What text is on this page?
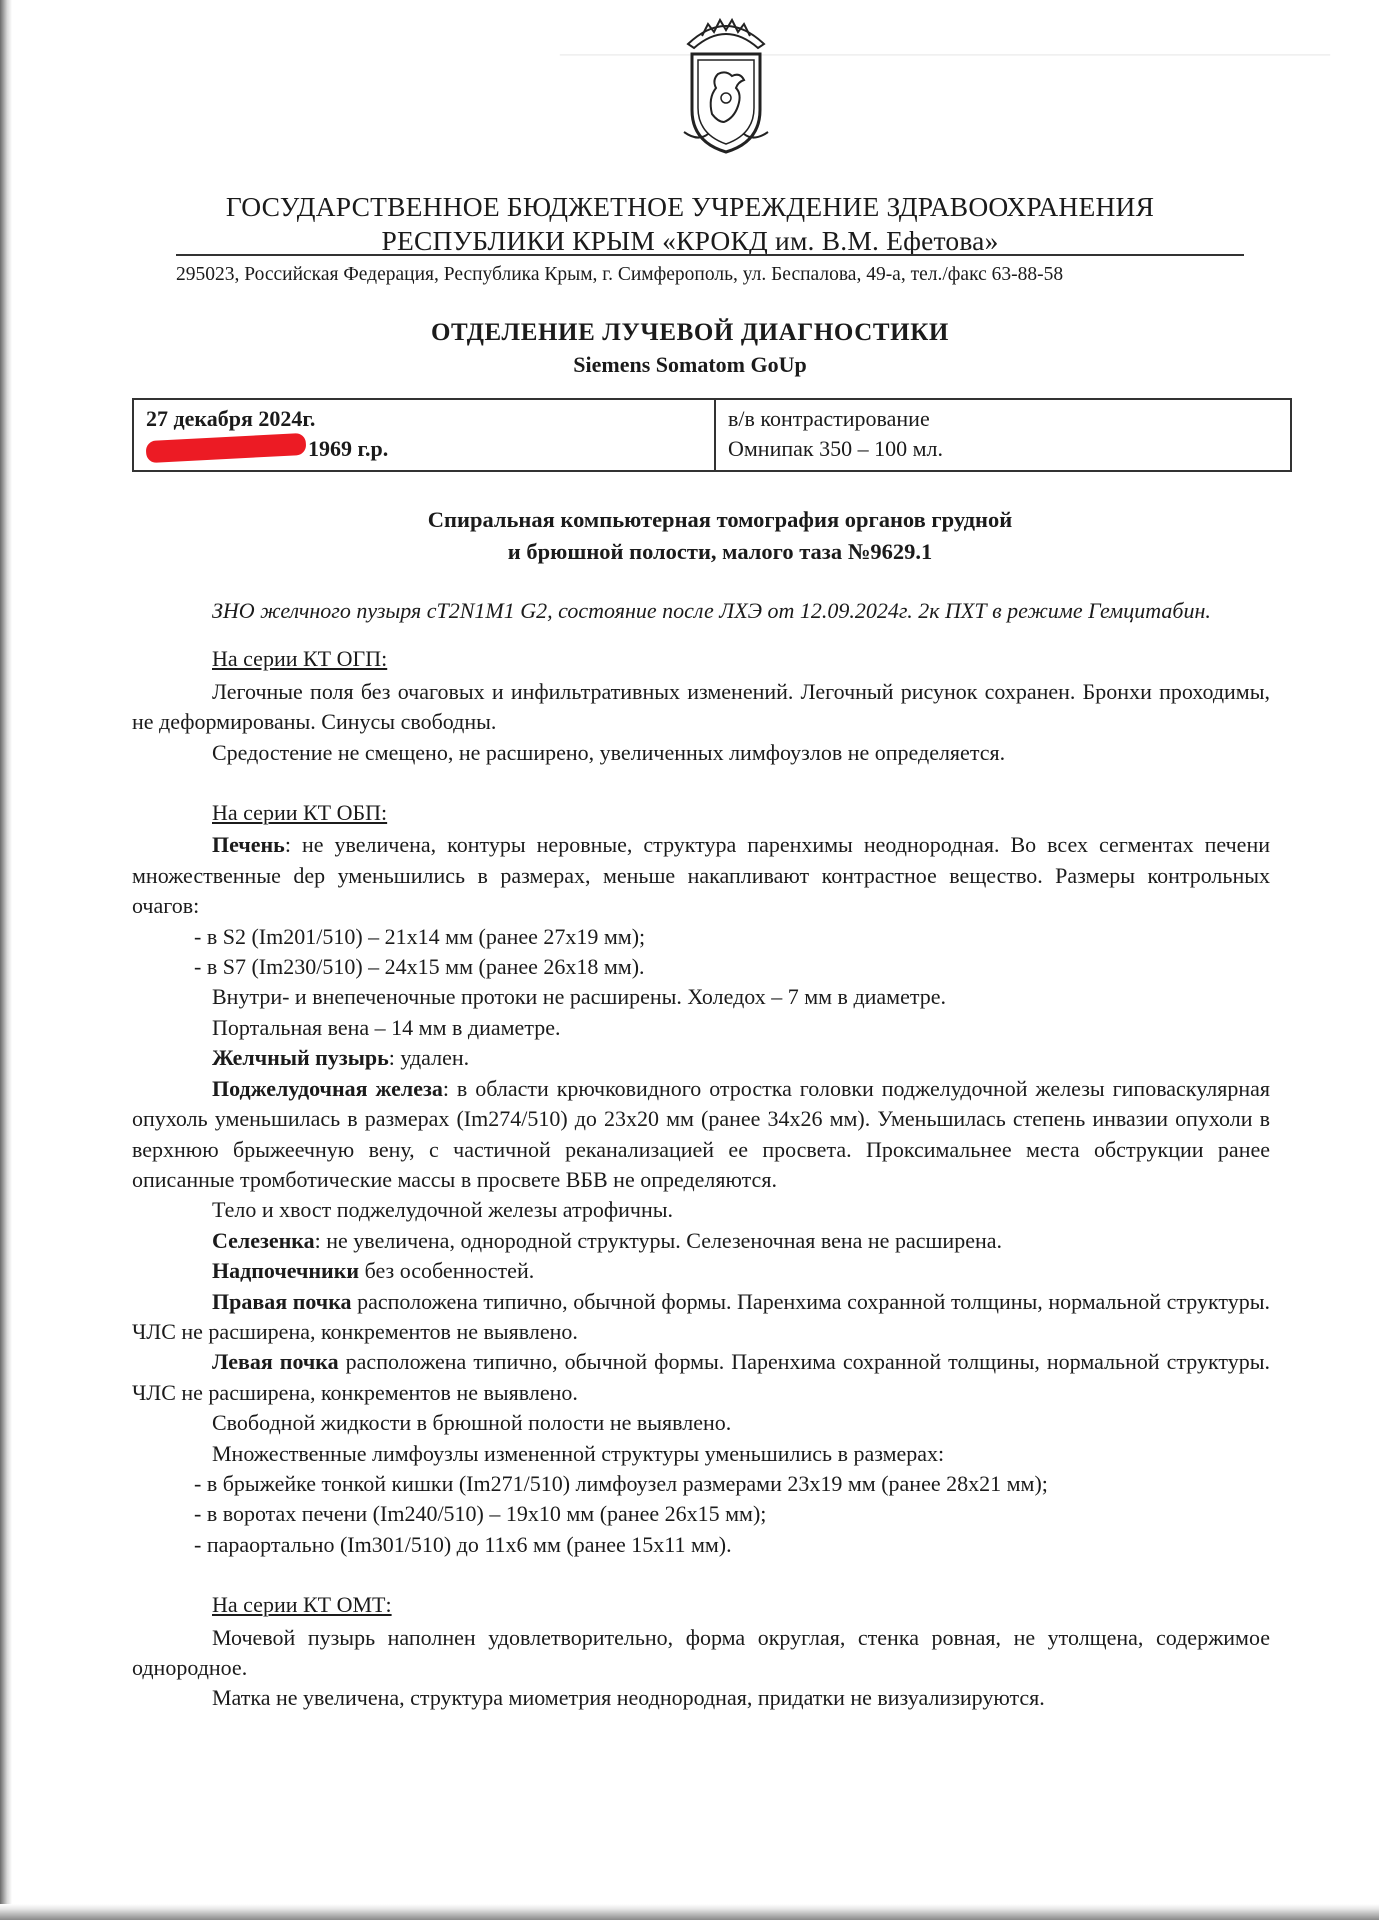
———————————————————————————————————
ГОСУДАРСТВЕННОЕ БЮДЖЕТНОЕ УЧРЕЖДЕНИЕ ЗДРАВООХРАНЕНИЯ
РЕСПУБЛИКИ КРЫМ «КРОКД им. В.М. Ефетова»
295023, Российская Федерация, Республика Крым, г. Симферополь, ул. Беспалова, 49-а, тел./факс 63-88-58
ОТДЕЛЕНИЕ ЛУЧЕВОЙ ДИАГНОСТИКИ
Siemens Somatom GoUp
27 декабря 2024г.
1969 г.р.
в/в контрастирование
Омнипак 350 – 100 мл.
Спиральная компьютерная томография органов грудной
и брюшной полости, малого таза №9629.1

ЗНО желчного пузыря cT2N1M1 G2, состояние после ЛХЭ от 12.09.2024г. 2к ПХТ в режиме Гемцитабин.

На серии КТ ОГП:

Легочные поля без очаговых и инфильтративных изменений. Легочный рисунок сохранен. Бронхи проходимы, не деформированы. Синусы свободны.

Средостение не смещено, не расширено, увеличенных лимфоузлов не определяется.

На серии КТ ОБП:

Печень: не увеличена, контуры неровные, структура паренхимы неоднородная. Во всех сегментах печени множественные dep уменьшились в размерах, меньше накапливают контрастное вещество. Размеры контрольных очагов:

- в S2 (Im201/510) – 21х14 мм (ранее 27х19 мм);

- в S7 (Im230/510) – 24х15 мм (ранее 26х18 мм).

Внутри- и внепеченочные протоки не расширены. Холедох – 7 мм в диаметре.

Портальная вена – 14 мм в диаметре.

Желчный пузырь: удален.

Поджелудочная железа: в области крючковидного отростка головки поджелудочной железы гиповаскулярная опухоль уменьшилась в размерах (Im274/510) до 23х20 мм (ранее 34х26 мм). Уменьшилась степень инвазии опухоли в верхнюю брыжеечную вену, с частичной реканализацией ее просвета. Проксимальнее места обструкции ранее описанные тромботические массы в просвете ВБВ не определяются.

Тело и хвост поджелудочной железы атрофичны.

Селезенка: не увеличена, однородной структуры. Селезеночная вена не расширена.

Надпочечники без особенностей.

Правая почка расположена типично, обычной формы. Паренхима сохранной толщины, нормальной структуры. ЧЛС не расширена, конкрементов не выявлено.

Левая почка расположена типично, обычной формы. Паренхима сохранной толщины, нормальной структуры. ЧЛС не расширена, конкрементов не выявлено.

Свободной жидкости в брюшной полости не выявлено.

Множественные лимфоузлы измененной структуры уменьшились в размерах:

- в брыжейке тонкой кишки (Im271/510) лимфоузел размерами 23х19 мм (ранее 28х21 мм);

- в воротах печени (Im240/510) – 19х10 мм (ранее 26х15 мм);

- параортально (Im301/510) до 11х6 мм (ранее 15х11 мм).

На серии КТ ОМТ:

Мочевой пузырь наполнен удовлетворительно, форма округлая, стенка ровная, не утолщена, содержимое однородное.

Матка не увеличена, структура миометрия неоднородная, придатки не визуализируются.
